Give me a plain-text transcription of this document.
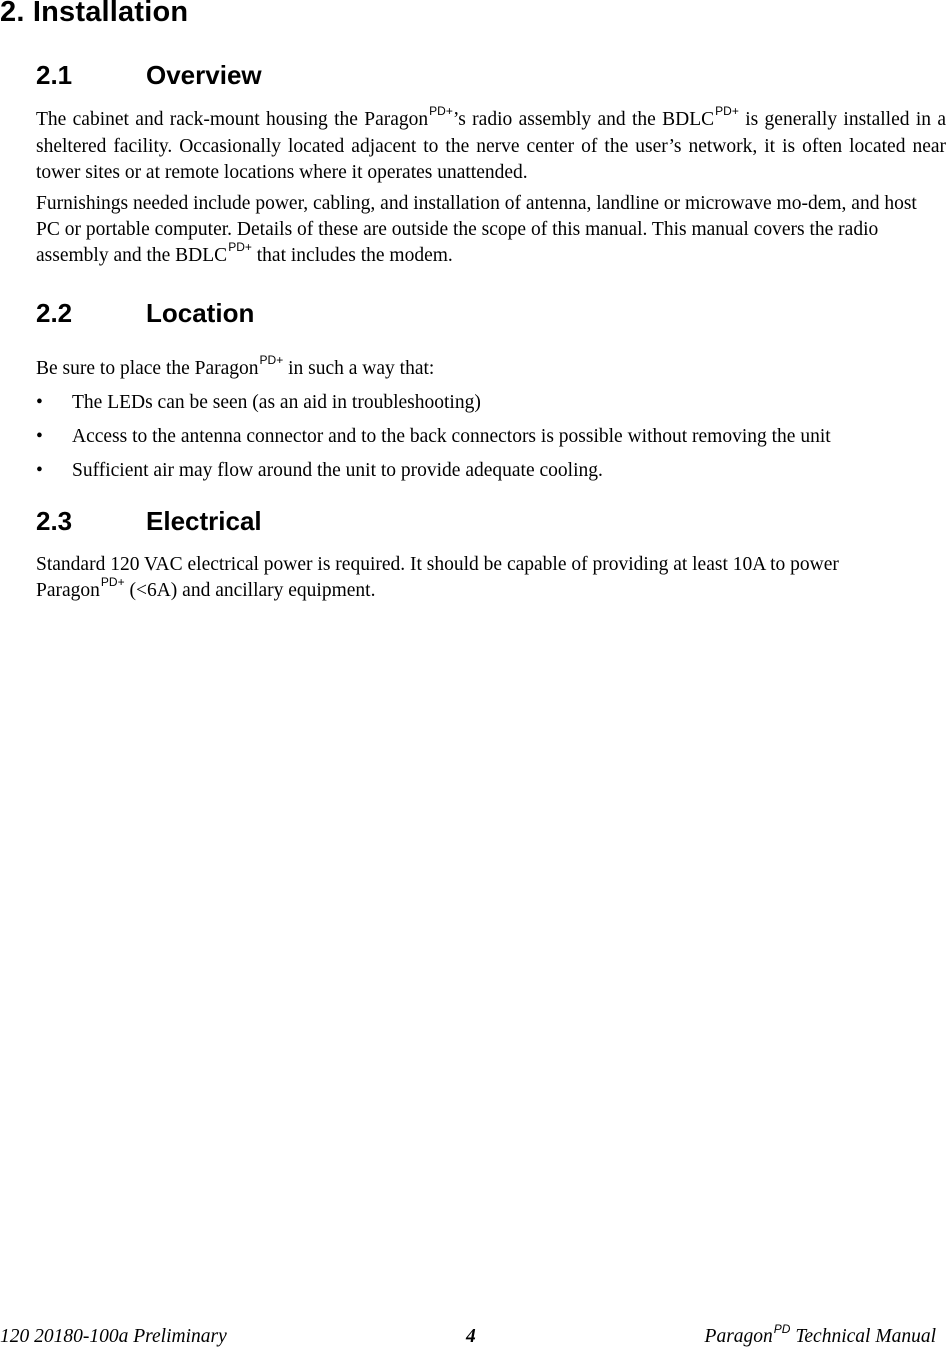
2. Installation
2.1	Overview

The cabinet and rack-mount housing the Paragon$^{PD+}$’s radio assembly and the $BDLC^{PD+}$ is generally installed in a sheltered facility. Occasionally located adjacent to the nerve center of the user’s network, it is often located near tower sites or at remote locations where it operates unattended.

Furnishings needed include power, cabling, and installation of antenna, landline or microwave mo-dem, and host PC or portable computer. Details of these are outside the scope of this manual. This manual covers the radio assembly and the $BDLC^{PD+}$ that includes the modem.

2.2	Location

Be sure to place the Paragon$^{PD+}$ in such a way that:

• The LEDs can be seen (as an aid in troubleshooting)
• Access to the antenna connector and to the back connectors is possible without removing the unit
• Sufficient air may flow around the unit to provide adequate cooling.
2.3	Electrical

Standard 120 VAC electrical power is required. It should be capable of providing at least 10A to power Paragon$^{PD+}$ (<6A) and ancillary equipment.

120 20180-100a Preliminary	4	Paragon$^{PD}$ Technical Manual
